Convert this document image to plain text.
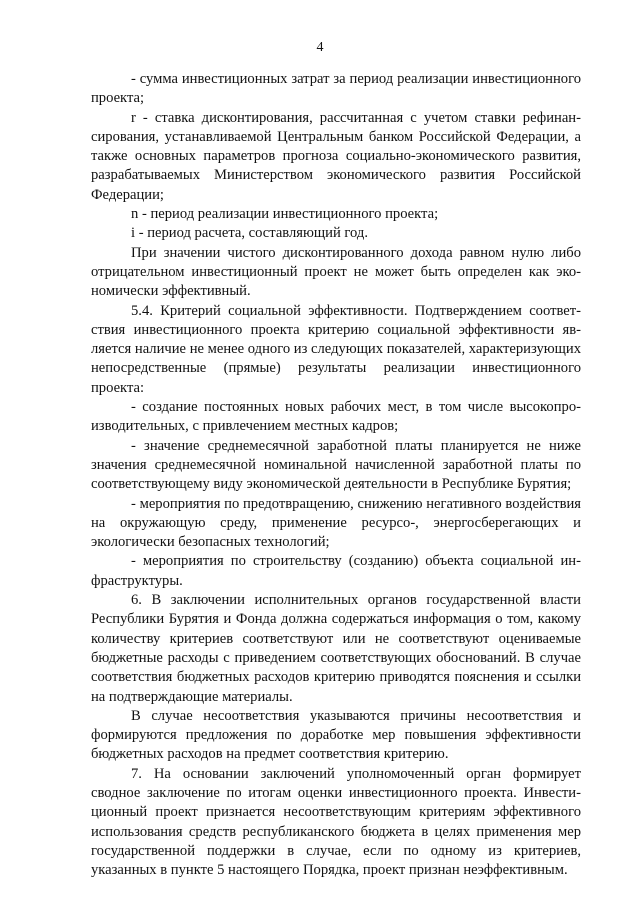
4

- сумма инвестиционных затрат за период реализации инвестиционного проекта;

r - ставка дисконтирования, рассчитанная с учетом ставки рефинансирования, устанавливаемой Центральным банком Российской Федерации, а также основных параметров прогноза социально-экономического развития, разрабатываемых Министерством экономического развития Российской Федерации;

n - период реализации инвестиционного проекта;

i - период расчета, составляющий год.

При значении чистого дисконтированного дохода равном нулю либо отрицательном инвестиционный проект не может быть определен как экономически эффективный.

5.4. Критерий социальной эффективности. Подтверждением соответствия инвестиционного проекта критерию социальной эффективности является наличие не менее одного из следующих показателей, характеризующих непосредственные (прямые) результаты реализации инвестиционного проекта:

- создание постоянных новых рабочих мест, в том числе высокопроизводительных, с привлечением местных кадров;

- значение среднемесячной заработной платы планируется не ниже значения среднемесячной номинальной начисленной заработной платы по соответствующему виду экономической деятельности в Республике Бурятия;

- мероприятия по предотвращению, снижению негативного воздействия на окружающую среду, применение ресурсо-, энергосберегающих и экологически безопасных технологий;

- мероприятия по строительству (созданию) объекта социальной инфраструктуры.

6. В заключении исполнительных органов государственной власти Республики Бурятия и Фонда должна содержаться информация о том, какому количеству критериев соответствуют или не соответствуют оцениваемые бюджетные расходы с приведением соответствующих обоснований. В случае соответствия бюджетных расходов критерию приводятся пояснения и ссылки на подтверждающие материалы.

В случае несоответствия указываются причины несоответствия и формируются предложения по доработке мер повышения эффективности бюджетных расходов на предмет соответствия критерию.

7. На основании заключений уполномоченный орган формирует сводное заключение по итогам оценки инвестиционного проекта. Инвестиционный проект признается несоответствующим критериям эффективного использования средств республиканского бюджета в целях применения мер государственной поддержки в случае, если по одному из критериев, указанных в пункте 5 настоящего Порядка, проект признан неэффективным.
